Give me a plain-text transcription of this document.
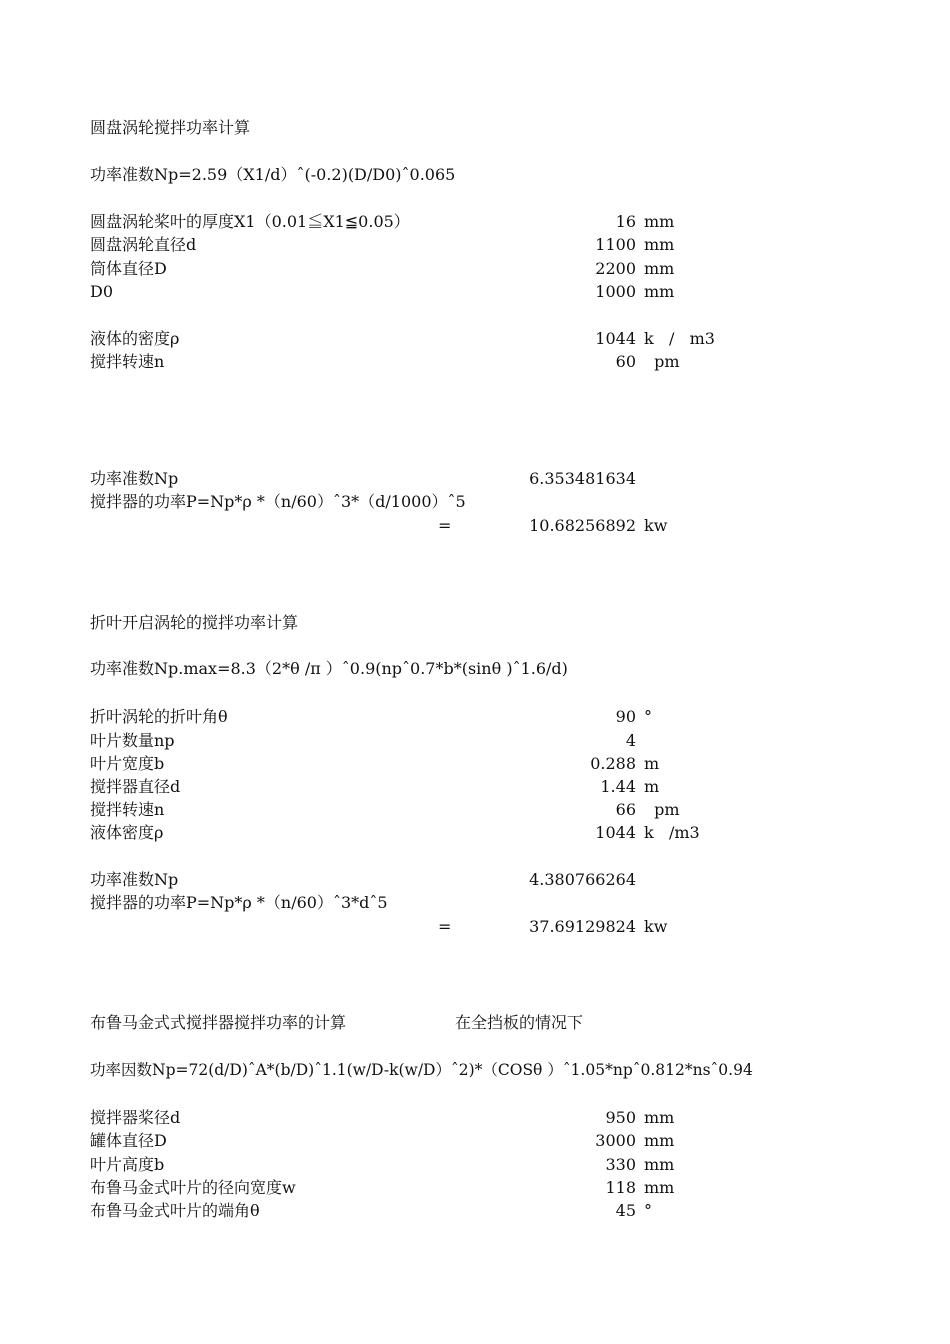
圆盘涡轮搅拌功率计算
功率准数Np=2.59（X1/d）ˆ(-0.2)(D/D0)ˆ0.065
圆盘涡轮桨叶的厚度X1（0.01≦X1≦0.05）	16 mm
圆盘涡轮直径d	1100 mm
筒体直径D	2200 mm
D0	1000 mm
液体的密度ρ	1044 k   /   m3
搅拌转速n	60 pm
功率准数Np	6.353481634
搅拌器的功率P=Np*ρ *（n/60）ˆ3*（d/1000）ˆ5
=	10.68256892 kw
折叶开启涡轮的搅拌功率计算
功率准数Np.max=8.3（2*θ /π ）ˆ0.9(npˆ0.7*b*(sinθ )ˆ1.6/d)
折叶涡轮的折叶角θ	90 °
叶片数量np	4
叶片宽度b	0.288 m
搅拌器直径d	1.44 m
搅拌转速n	66 pm
液体密度ρ	1044 k   /m3
功率准数Np	4.380766264
搅拌器的功率P=Np*ρ *（n/60）ˆ3*dˆ5
=	37.69129824 kw
布鲁马金式式搅拌器搅拌功率的计算	在全挡板的情况下
功率因数Np=72(d/D)ˆA*(b/D)ˆ1.1(w/D-k(w/D）ˆ2)*（COSθ ）ˆ1.05*npˆ0.812*nsˆ0.94
搅拌器桨径d	950 mm
罐体直径D	3000 mm
叶片高度b	330 mm
布鲁马金式叶片的径向宽度w	118 mm
布鲁马金式叶片的端角θ	45 °
